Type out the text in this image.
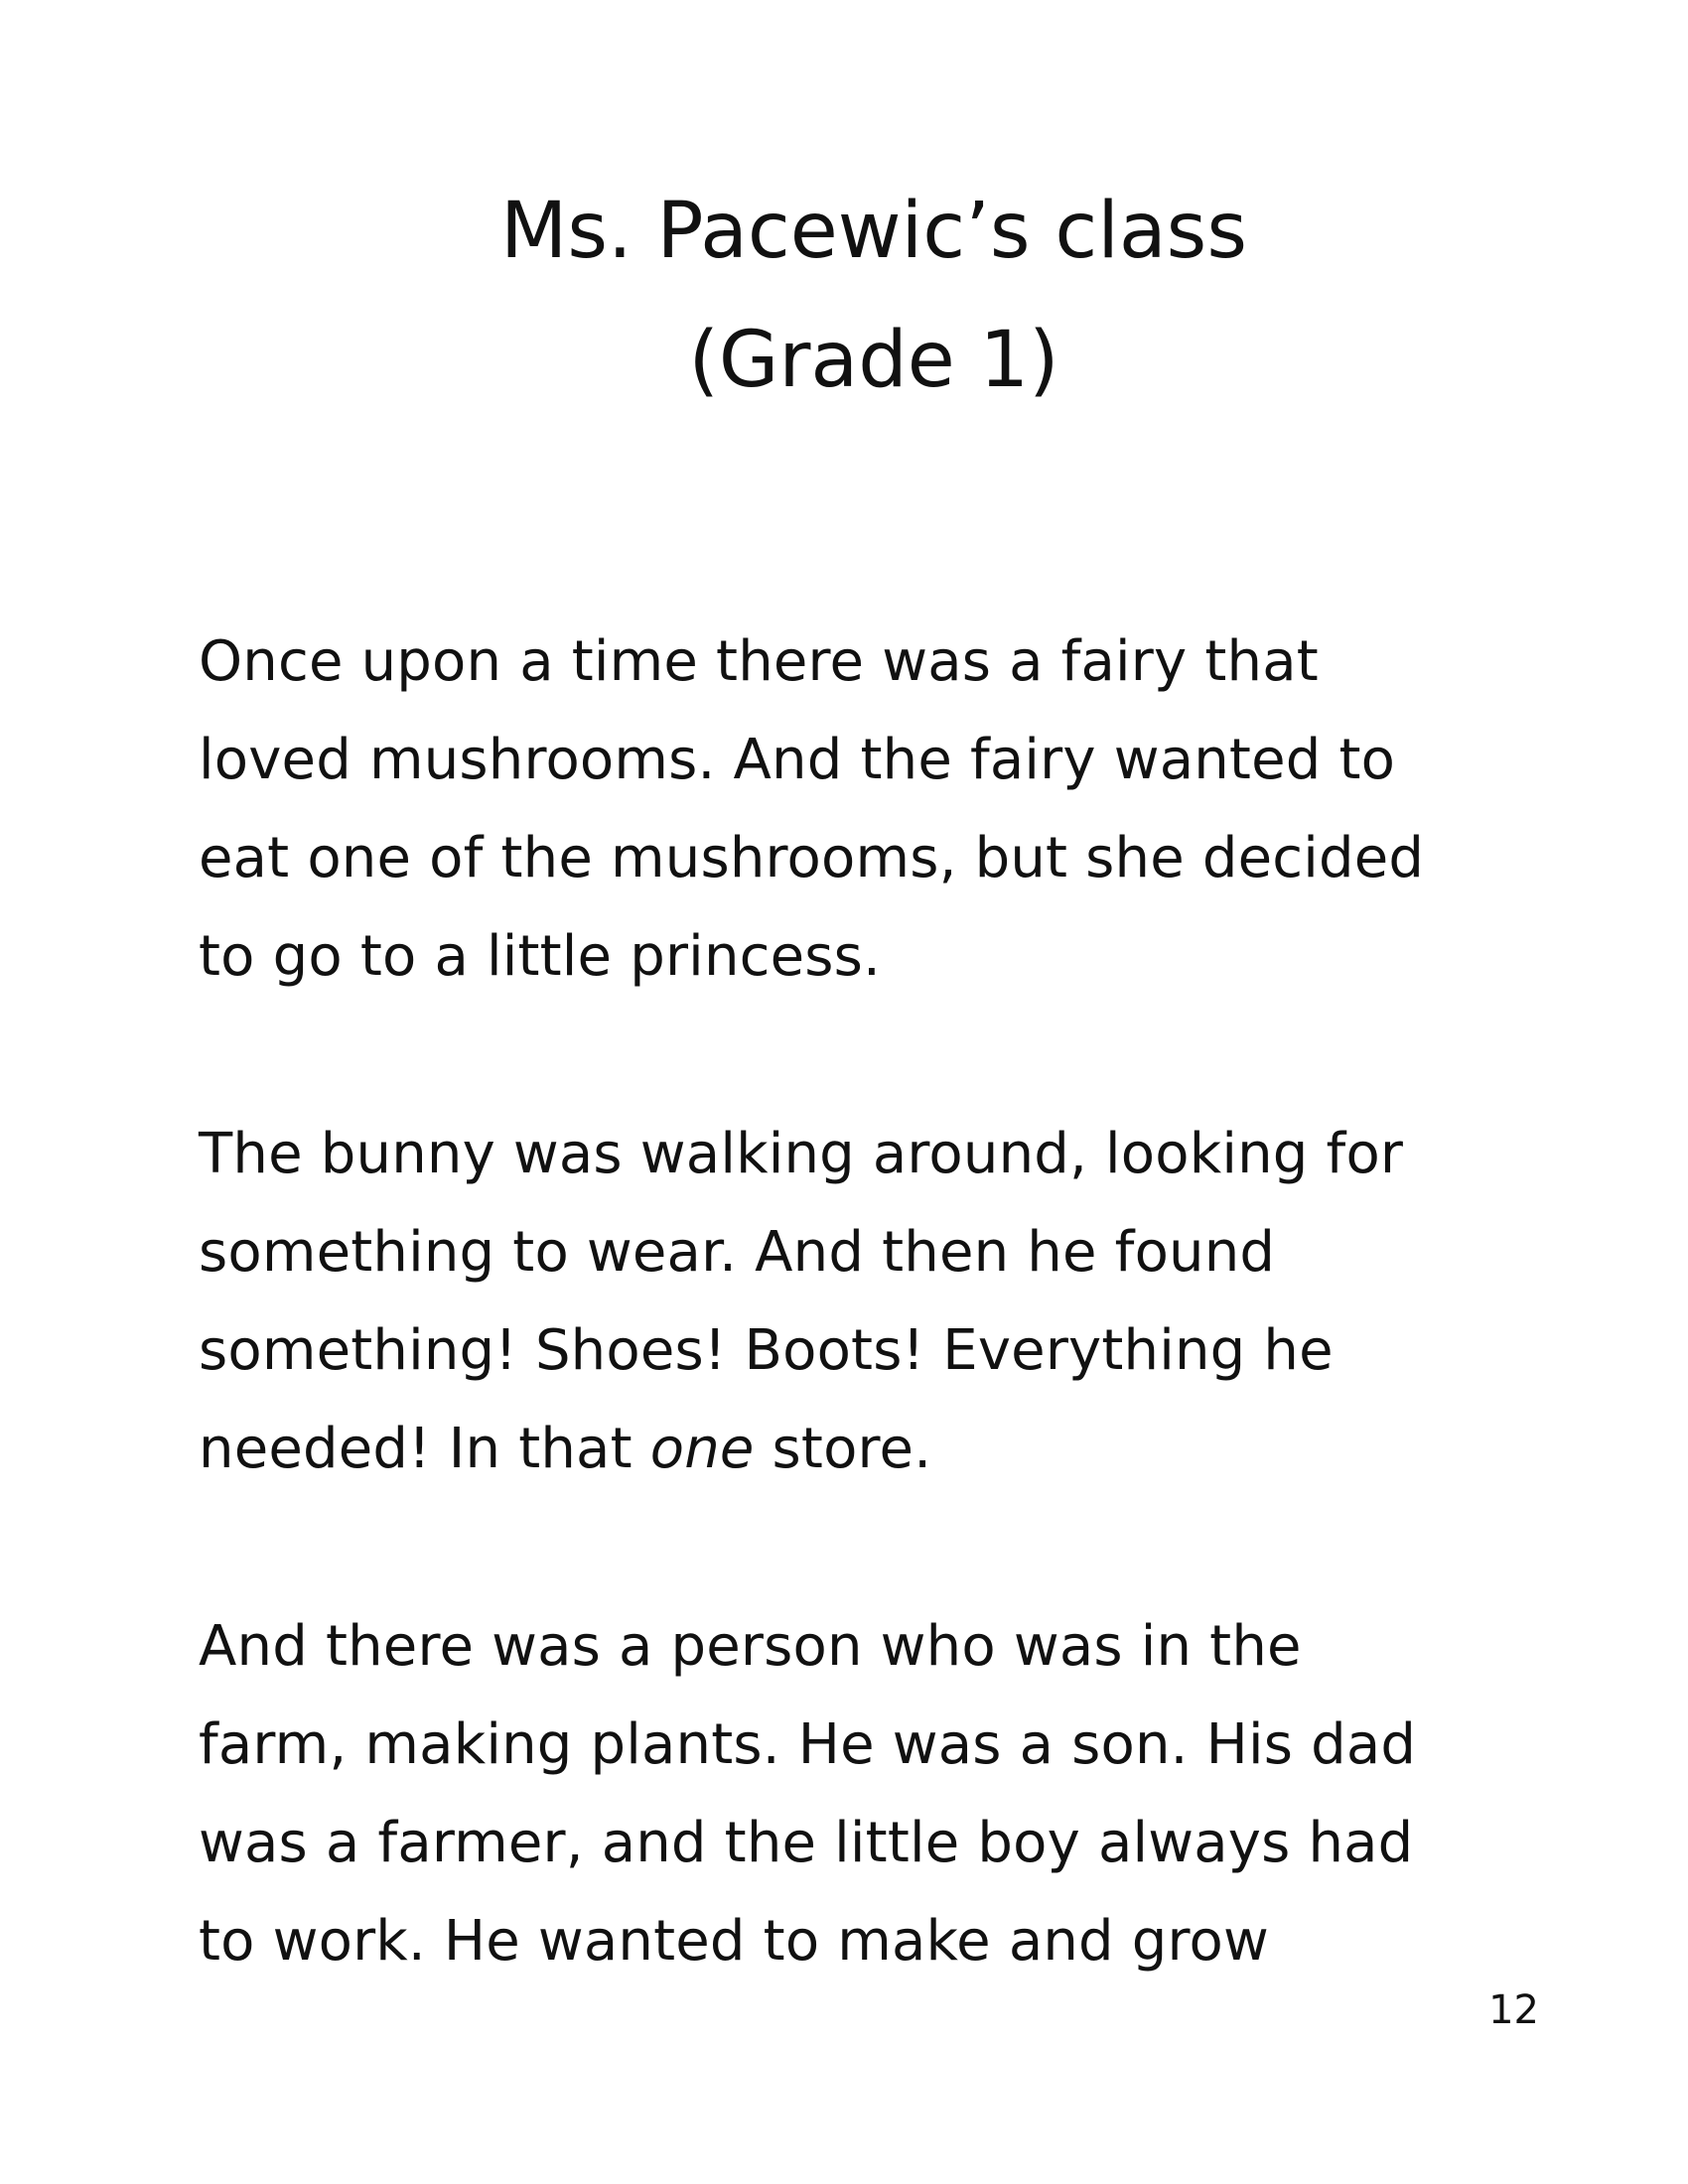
Ms. Pacewic’s class
(Grade 1)

Once upon a time there was a fairy that
loved mushrooms. And the fairy wanted to
eat one of the mushrooms, but she decided
to go to a little princess.

The bunny was walking around, looking for
something to wear. And then he found
something! Shoes! Boots! Everything he
needed! In that one store.

And there was a person who was in the
farm, making plants. He was a son. His dad
was a farmer, and the little boy always had
to work. He wanted to make and grow

12
